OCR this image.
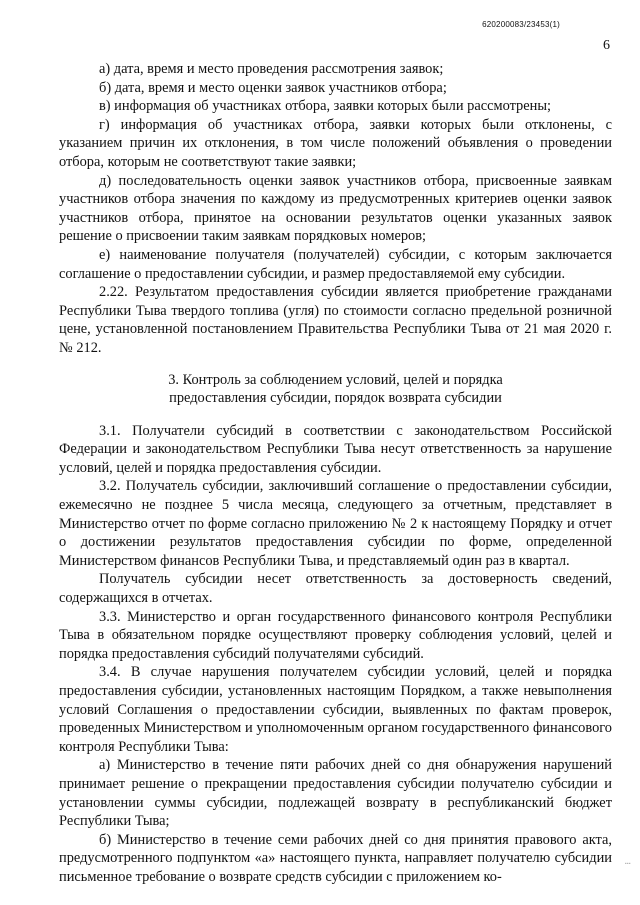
620200083/23453(1)
6

а) дата, время и место проведения рассмотрения заявок;

б) дата, время и место оценки заявок участников отбора;

в) информация об участниках отбора, заявки которых были рассмотрены;

г) информация об участниках отбора, заявки которых были отклонены, с указанием причин их отклонения, в том числе положений объявления о проведении отбора, которым не соответствуют такие заявки;

д) последовательность оценки заявок участников отбора, присвоенные заявкам участников отбора значения по каждому из предусмотренных критериев оценки заявок участников отбора, принятое на основании результатов оценки указанных заявок решение о присвоении таким заявкам порядковых номеров;

е) наименование получателя (получателей) субсидии, с которым заключается соглашение о предоставлении субсидии, и размер предоставляемой ему субсидии.

2.22. Результатом предоставления субсидии является приобретение гражданами Республики Тыва твердого топлива (угля) по стоимости согласно предельной розничной цене, установленной постановлением Правительства Республики Тыва от 21 мая 2020 г. № 212.

3. Контроль за соблюдением условий, целей и порядка
предоставления субсидии, порядок возврата субсидии

3.1. Получатели субсидий в соответствии с законодательством Российской Федерации и законодательством Республики Тыва несут ответственность за нарушение условий, целей и порядка предоставления субсидии.

3.2. Получатель субсидии, заключивший соглашение о предоставлении субсидии, ежемесячно не позднее 5 числа месяца, следующего за отчетным, представляет в Министерство отчет по форме согласно приложению № 2 к настоящему Порядку и отчет о достижении результатов предоставления субсидии по форме, определенной Министерством финансов Республики Тыва, и представляемый один раз в квартал.

Получатель субсидии несет ответственность за достоверность сведений, содержащихся в отчетах.

3.3. Министерство и орган государственного финансового контроля Республики Тыва в обязательном порядке осуществляют проверку соблюдения условий, целей и порядка предоставления субсидий получателями субсидий.

3.4. В случае нарушения получателем субсидии условий, целей и порядка предоставления субсидии, установленных настоящим Порядком, а также невыполнения условий Соглашения о предоставлении субсидии, выявленных по фактам проверок, проведенных Министерством и уполномоченным органом государственного финансового контроля Республики Тыва:

а) Министерство в течение пяти рабочих дней со дня обнаружения нарушений принимает решение о прекращении предоставления субсидии получателю субсидии и установлении суммы субсидии, подлежащей возврату в республиканский бюджет Республики Тыва;

б) Министерство в течение семи рабочих дней со дня принятия правового акта, предусмотренного подпунктом «а» настоящего пункта, направляет получателю субсидии письменное требование о возврате средств субсидии с приложением ко-

⁝
